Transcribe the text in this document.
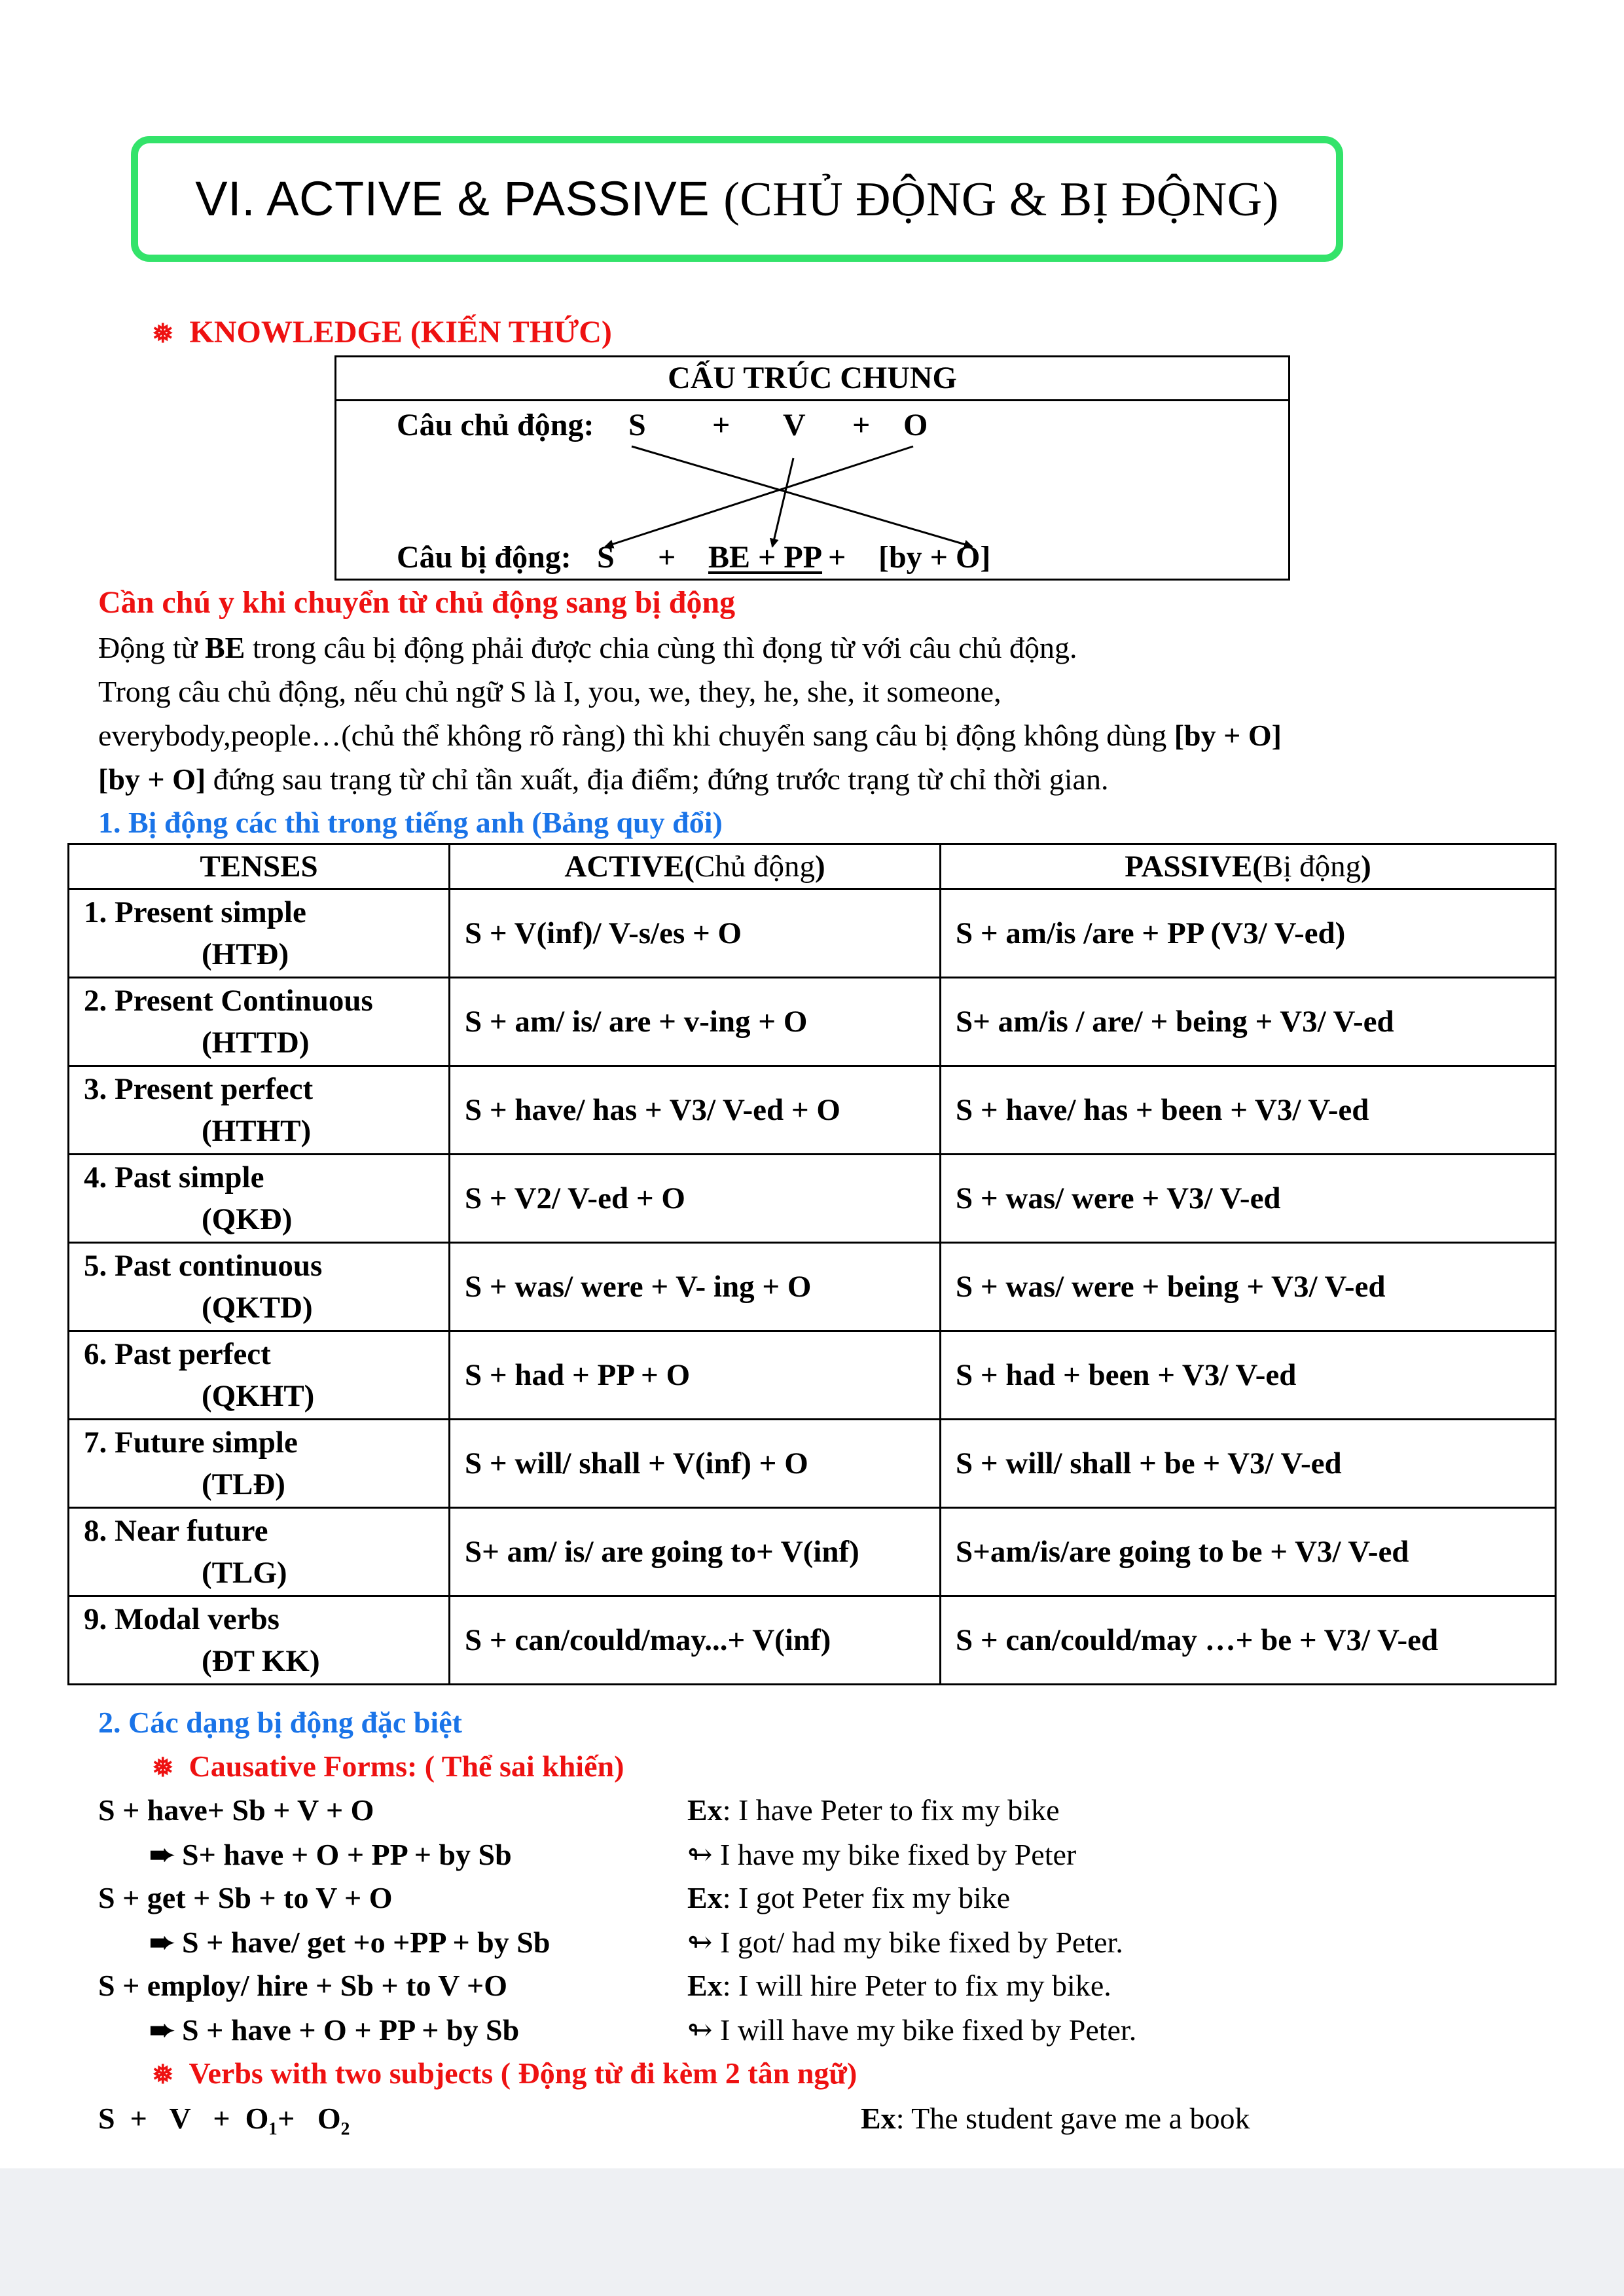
VI. ACTIVE & PASSIVE (CHỦ ĐỘNG & BỊ ĐỘNG)
❅ KNOWLEDGE (KIẾN THỨC)
CẤU TRÚC CHUNG
Câu chủ động: S + V + O
Câu bị động: S + BE + PP + [by + O]
Cần chú y khi chuyển từ chủ động sang bị động
Động từ BE trong câu bị động phải được chia cùng thì đọng từ với câu chủ động.
Trong câu chủ động, nếu chủ ngữ S là I, you, we, they, he, she, it someone,
everybody,people…(chủ thể không rõ ràng) thì khi chuyển sang câu bị động không dùng [by + O]
[by + O] đứng sau trạng từ chỉ tần xuất, địa điểm; đứng trước trạng từ chỉ thời gian.
1. Bị động các thì trong tiếng anh (Bảng quy đổi)
TENSES	ACTIVE(Chủ động)	PASSIVE(Bị động)

1. Present simple
(HTĐ)	S + V(inf)/ V-s/es + O	S + am/is /are + PP (V3/ V-ed)

2. Present Continuous
(HTTD)	S + am/ is/ are + v-ing + O	S+ am/is / are/ + being + V3/ V-ed

3. Present perfect
(HTHT)	S + have/ has + V3/ V-ed + O	S + have/ has + been + V3/ V-ed

4. Past simple
(QKĐ)	S + V2/ V-ed + O	S + was/ were + V3/ V-ed

5. Past continuous
(QKTD)	S + was/ were + V- ing + O	S + was/ were + being + V3/ V-ed

6. Past perfect
(QKHT)	S + had + PP + O	S + had + been + V3/ V-ed

7. Future simple
(TLĐ)	S + will/ shall + V(inf) + O	S + will/ shall + be + V3/ V-ed

8. Near future
(TLG)	S+ am/ is/ are going to+ V(inf)	S+am/is/are going to be + V3/ V-ed

9. Modal verbs
(ĐT KK)	S + can/could/may...+ V(inf)	S + can/could/may …+ be + V3/ V-ed
2. Các dạng bị động đặc biệt
❅ Causative Forms: ( Thể sai khiến)
S + have+ Sb + V + O	Ex: I have Peter to fix my bike
➨ S+ have + O + PP + by Sb	↬ I have my bike fixed by Peter
S + get + Sb + to V + O	Ex: I got Peter fix my bike
➨ S + have/ get +o +PP + by Sb	↬ I got/ had my bike fixed by Peter.
S + employ/ hire + Sb + to V +O	Ex: I will hire Peter to fix my bike.
➨ S + have + O + PP + by Sb	↬ I will have my bike fixed by Peter.
❅ Verbs with two subjects ( Động từ đi kèm 2 tân ngữ)
S  +   V   +  O₁+   O₂	Ex: The student gave me a book
